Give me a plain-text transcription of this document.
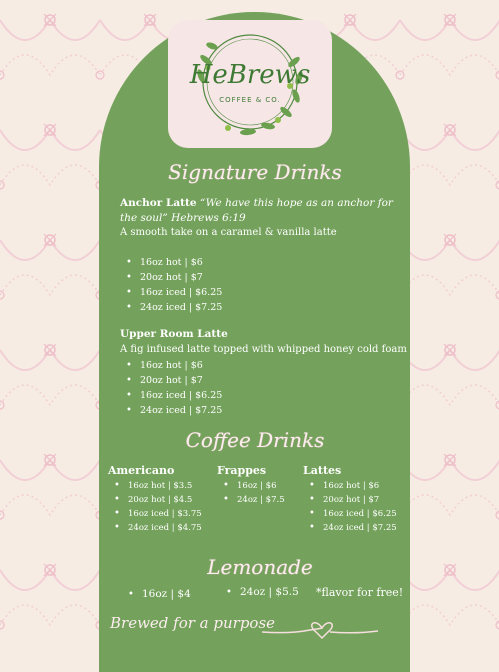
HeBrews
COFFEE & CO.
Signature Drinks
Anchor Latte “We have this hope as an anchor for the soul” Hebrews 6:19
A smooth take on a caramel & vanilla latte
• 16oz hot | $6
• 20oz hot | $7
• 16oz iced | $6.25
• 24oz iced | $7.25
Upper Room Latte
A fig infused latte topped with whipped honey cold foam
• 16oz hot | $6
• 20oz hot | $7
• 16oz iced | $6.25
• 24oz iced | $7.25
Coffee Drinks
Americano
• 16oz hot | $3.5
• 20oz hot | $4.5
• 16oz iced | $3.75
• 24oz iced | $4.75
Frappes
• 16oz | $6
• 24oz | $7.5
Lattes
• 16oz hot | $6
• 20oz hot | $7
• 16oz iced | $6.25
• 24oz iced | $7.25
Lemonade
• 16oz | $4
•	24oz | $5.5 *flavor for free!
Brewed for a purpose
